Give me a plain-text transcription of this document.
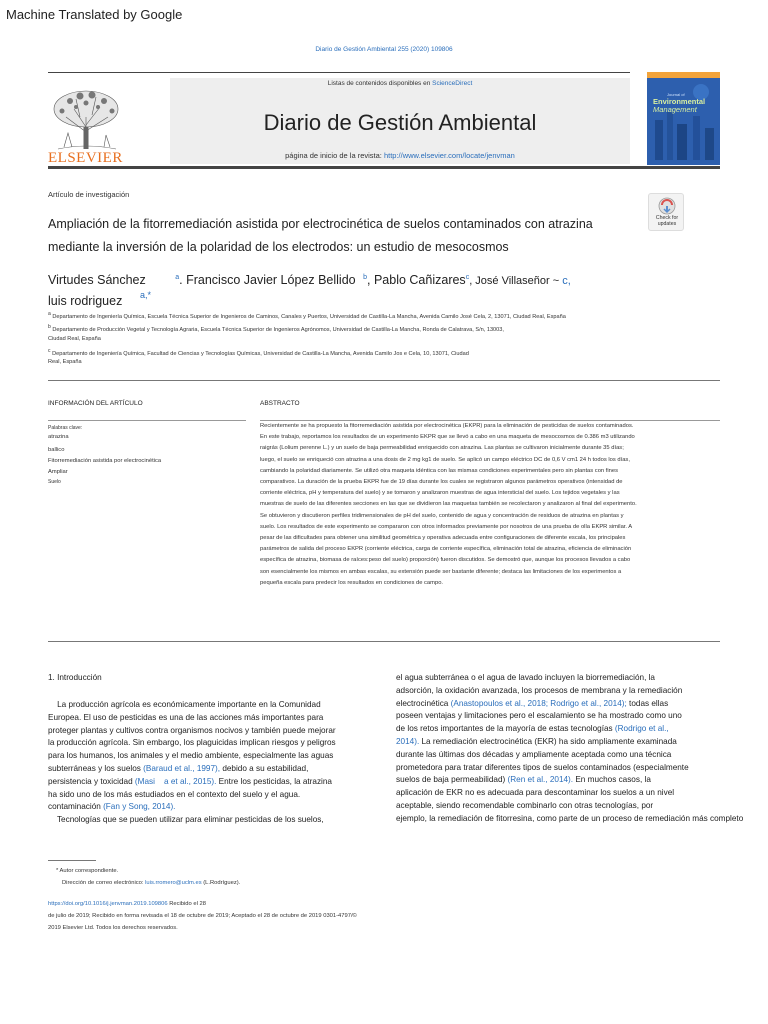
Machine Translated by Google
Diario de Gestión Ambiental 255 (2020) 109806
ELSEVIER
Listas de contenidos disponibles en ScienceDirect
Diario de Gestión Ambiental
página de inicio de la revista: http://www.elsevier.com/locate/jenvman
Journal of
Environmental
Management
Artículo de investigación
Ampliación de la fitorremediación asistida por electrocinética de suelos contaminados con atrazina
mediante la inversión de la polaridad de los electrodos: un estudio de mesocosmos
Check for
updates
Virtudes Sánchez	$^a$. Francisco Javier López Bellido $^b$, Pablo Cañizares$^c$, José Villaseñor ~ c,
luis rodriguez a,*
$^a$ Departamento de Ingeniería Química, Escuela Técnica Superior de Ingenieros de Caminos, Canales y Puertos, Universidad de Castilla-La Mancha, Avenida Camilo José Cela, 2, 13071, Ciudad Real, España
$^b$ Departamento de Producción Vegetal y Tecnología Agraria, Escuela Técnica Superior de Ingenieros Agrónomos, Universidad de Castilla-La Mancha, Ronda de Calatrava, S/n, 13003,
Ciudad Real, España
$^c$ Departamento de Ingeniería Química, Facultad de Ciencias y Tecnologías Químicas, Universidad de Castilla-La Mancha, Avenida Camilo Jos e Cela, 10, 13071, Ciudad
Real, España
INFORMACIÓN DEL ARTÍCULO
Palabras clave:
atrazina
ballico
Fitorremediación asistida por electrocinética
Ampliar
Suelo
ABSTRACTO
Recientemente se ha propuesto la fitorremediación asistida por electrocinética (EKPR) para la eliminación de pesticidas de suelos contaminados.
En este trabajo, reportamos los resultados de un experimento EKPR que se llevó a cabo en una maqueta de mesocosmos de 0.386 m3 utilizando
raigrás (Lolium perenne L.) y un suelo de baja permeabilidad enriquecido con atrazina. Las plantas se cultivaron inicialmente durante 35 días;
luego, el suelo se enriqueció con atrazina a una dosis de 2 mg kg1 de suelo. Se aplicó un campo eléctrico DC de 0,6 V cm1 24 h todos los días,
cambiando la polaridad diariamente. Se utilizó otra maqueta idéntica con las mismas condiciones experimentales pero sin plantas con fines
comparativos. La duración de la prueba EKPR fue de 19 días durante los cuales se registraron algunos parámetros operativos (intensidad de
corriente eléctrica, pH y temperatura del suelo) y se tomaron y analizaron muestras de agua intersticial del suelo. Los tejidos vegetales y las
muestras de suelo de las diferentes secciones en las que se dividieron las maquetas también se recolectaron y analizaron al final del experimento.
Se obtuvieron y discutieron perfiles tridimensionales de pH del suelo, contenido de agua y concentración de residuos de atrazina en plantas y
suelo. Los resultados de este experimento se compararon con otros informados previamente por nosotros de una prueba de olla EKPR similar. A
pesar de las dificultades para obtener una similitud geométrica y operativa adecuada entre configuraciones de diferente escala, los principales
parámetros de salida del proceso EKPR (corriente eléctrica, carga de corriente específica, eliminación total de atrazina, eficiencia de eliminación
específica de atrazina, biomasa de raíces:peso del suelo) proporción) fueron discutidos. Se demostró que, aunque los procesos llevados a cabo
son esencialmente los mismos en ambas escalas, su extensión puede ser bastante diferente; destaca las limitaciones de los experimentos a
pequeña escala para predecir los resultados en condiciones de campo.
1. Introducción
La producción agrícola es económicamente importante en la Comunidad
Europea. El uso de pesticidas es una de las acciones más importantes para
proteger plantas y cultivos contra organismos nocivos y también puede mejorar
la producción agrícola. Sin embargo, los plaguicidas implican riesgos y peligros
para los humanos, los animales y el medio ambiente, especialmente las aguas
subterráneas y los suelos (Baraud et al., 1997), debido a su estabilidad,
persistencia y toxicidad (Masi    a et al., 2015). Entre los pesticidas, la atrazina
ha sido uno de los más estudiados en el contexto del suelo y el agua.
contaminación (Fan y Song, 2014).
Tecnologías que se pueden utilizar para eliminar pesticidas de los suelos,
el agua subterránea o el agua de lavado incluyen la biorremediación, la
adsorción, la oxidación avanzada, los procesos de membrana y la remediación
electrocinética (Anastopoulos et al., 2018; Rodrigo et al., 2014); todas ellas
poseen ventajas y limitaciones pero el escalamiento se ha mostrado como uno
de los retos importantes de la mayoría de estas tecnologías (Rodrigo et al.,
2014). La remediación electrocinética (EKR) ha sido ampliamente examinada
durante las últimas dos décadas y ampliamente aceptada como una técnica
prometedora para tratar diferentes tipos de suelos contaminados (especialmente
suelos de baja permeabilidad) (Ren et al., 2014). En muchos casos, la
aplicación de EKR no es adecuada para descontaminar los suelos a un nivel
aceptable, siendo recomendable combinarlo con otras tecnologías, por
ejemplo, la remediación de fitorresina, como parte de un proceso de remediación más completo
* Autor correspondiente.
Dirección de correo electrónico: luis.rromero@uclm.es (L.Rodríguez).
https://doi.org/10.1016/j.jenvman.2019.109806 Recibido el 28
de julio de 2019; Recibido en forma revisada el 18 de octubre de 2019; Aceptado el 28 de octubre de 2019 0301-4797/©
2019 Elsevier Ltd. Todos los derechos reservados.
